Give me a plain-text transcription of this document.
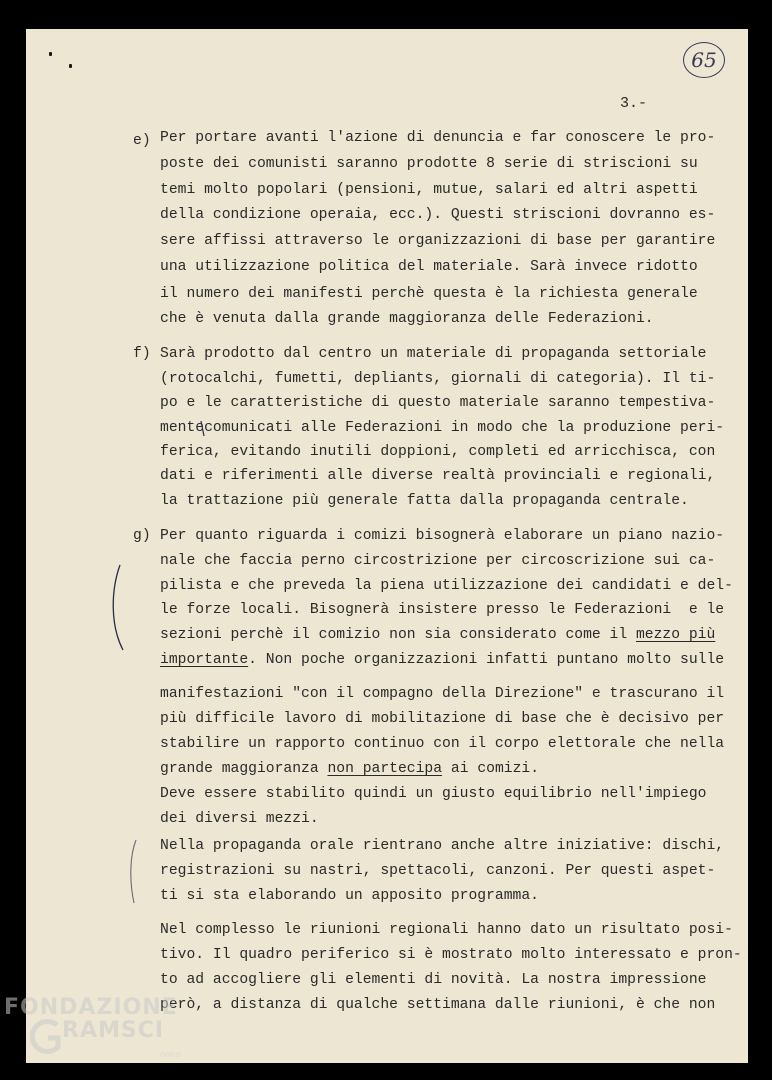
65
3.-
e) Per portare avanti l'azione di denuncia e far conoscere le pro-
poste dei comunisti saranno prodotte 8 serie di striscioni su
temi molto popolari (pensioni, mutue, salari ed altri aspetti
della condizione operaia, ecc.). Questi striscioni dovranno es-
sere affissi attraverso le organizzazioni di base per garantire
una utilizzazione politica del materiale. Sarà invece ridotto
il numero dei manifesti perchè questa è la richiesta generale
che è venuta dalla grande maggioranza delle Federazioni.
f) Sarà prodotto dal centro un materiale di propaganda settoriale
(rotocalchi, fumetti, depliants, giornali di categoria). Il ti-
po e le caratteristiche di questo materiale saranno tempestiva-
mentecomunicati alle Federazioni in modo che la produzione peri-
ferica, evitando inutili doppioni, completi ed arricchisca, con
dati e riferimenti alle diverse realtà provinciali e regionali,
la trattazione più generale fatta dalla propaganda centrale.
g) Per quanto riguarda i comizi bisognerà elaborare un piano nazio-
nale che faccia perno circostrizione per circoscrizione sui ca-
pilista e che preveda la piena utilizzazione dei candidati e del-
le forze locali. Bisognerà insistere presso le Federazioni  e le
sezioni perchè il comizio non sia considerato come il mezzo più
importante. Non poche organizzazioni infatti puntano molto sulle
manifestazioni "con il compagno della Direzione" e trascurano il
più difficile lavoro di mobilitazione di base che è decisivo per
stabilire un rapporto continuo con il corpo elettorale che nella
grande maggioranza non partecipa ai comizi.
Deve essere stabilito quindi un giusto equilibrio nell'impiego
dei diversi mezzi.
Nella propaganda orale rientrano anche altre iniziative: dischi,
registrazioni su nastri, spettacoli, canzoni. Per questi aspet-
ti si sta elaborando un apposito programma.
Nel complesso le riunioni regionali hanno dato un risultato posi-
tivo. Il quadro periferico si è mostrato molto interessato e pron-
to ad accogliere gli elementi di novità. La nostra impressione
però, a distanza di qualche settimana dalle riunioni, è che non
FONDAZIONE
RAMSCI
onlus
